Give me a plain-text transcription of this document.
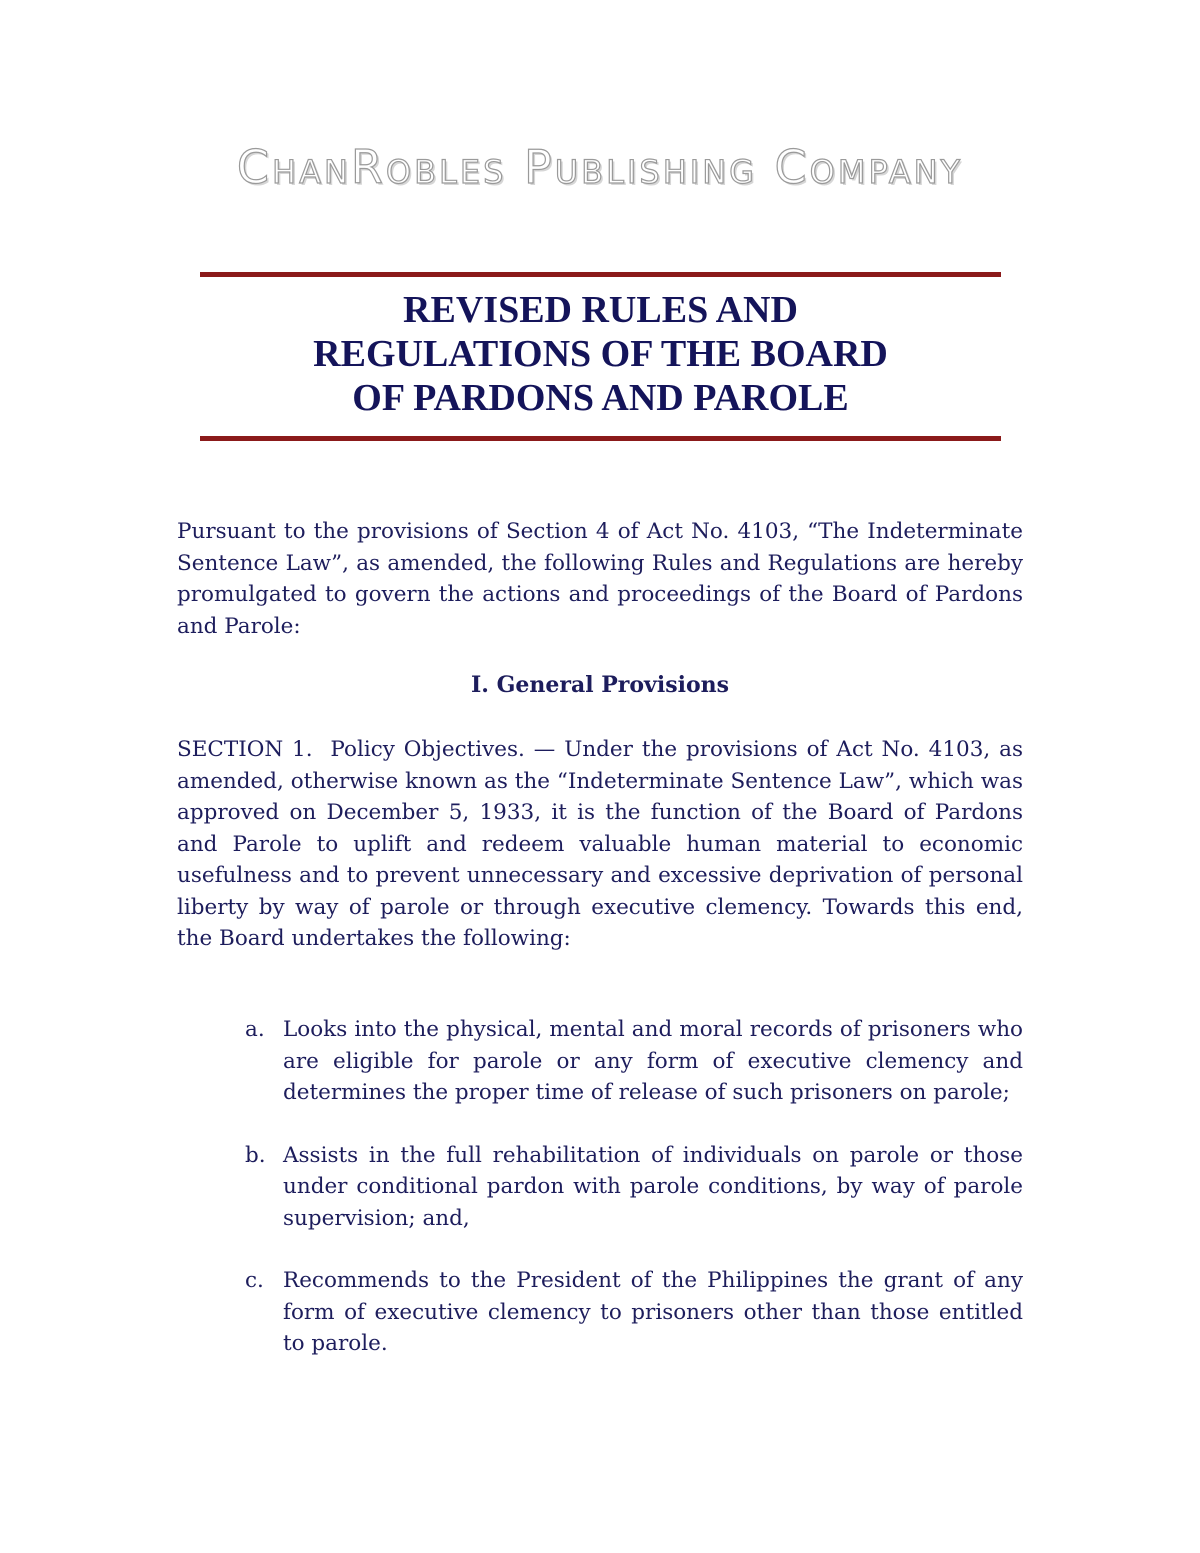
ChanRobles Publishing Company
REVISED RULES AND
REGULATIONS OF THE BOARD
OF PARDONS AND PAROLE

Pursuant to the provisions of Section 4 of Act No. 4103, “The Indeterminate Sentence Law”, as amended, the following Rules and Regulations are hereby promulgated to govern the actions and proceedings of the Board of Pardons and Parole:

I. General Provisions

SECTION 1. Policy Objectives. — Under the provisions of Act No. 4103, as amended, otherwise known as the “Indeterminate Sentence Law”, which was approved on December 5, 1933, it is the function of the Board of Pardons and Parole to uplift and redeem valuable human material to economic usefulness and to prevent unnecessary and excessive deprivation of personal liberty by way of parole or through executive clemency. Towards this end, the Board undertakes the following:

a. Looks into the physical, mental and moral records of prisoners who are eligible for parole or any form of executive clemency and determines the proper time of release of such prisoners on parole;
b. Assists in the full rehabilitation of individuals on parole or those under conditional pardon with parole conditions, by way of parole supervision; and,
c. Recommends to the President of the Philippines the grant of any form of executive clemency to prisoners other than those entitled to parole.
